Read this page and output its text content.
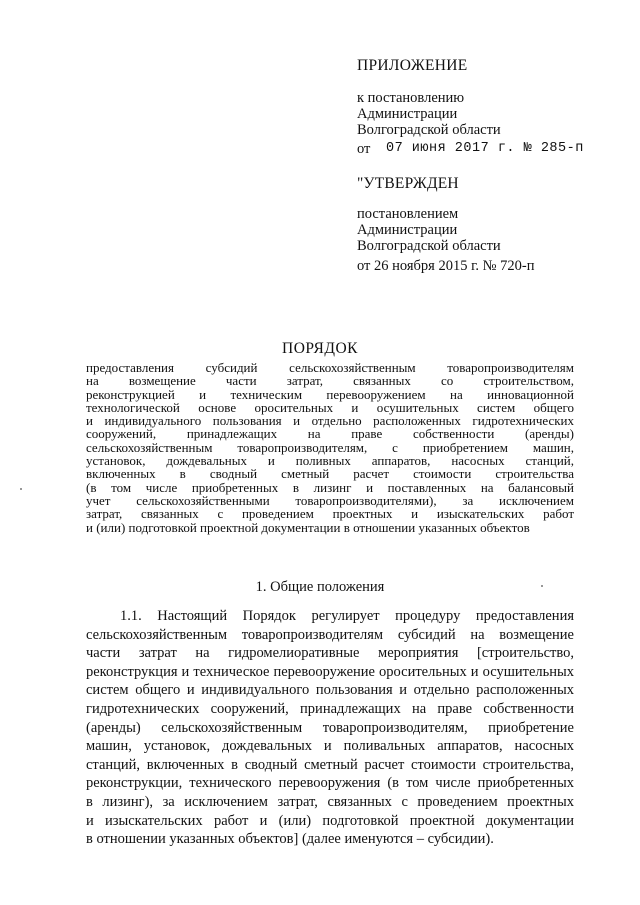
ПРИЛОЖЕНИЕ
к постановлению
Администрации
Волгоградской области
от 07 июня 2017 г. № 285-п
"УТВЕРЖДЕН
постановлением
Администрации
Волгоградской области
от 26 ноября 2015 г. № 720-п
ПОРЯДОК
предоставления субсидий сельскохозяйственным товаропроизводителям
на возмещение части затрат, связанных со строительством,
реконструкцией и техническим перевооружением на инновационной
технологической основе оросительных и осушительных систем общего
и индивидуального пользования и отдельно расположенных гидротехнических
сооружений, принадлежащих на праве собственности (аренды)
сельскохозяйственным товаропроизводителям, с приобретением машин,
установок, дождевальных и поливных аппаратов, насосных станций,
включенных в сводный сметный расчет стоимости строительства
(в том числе приобретенных в лизинг и поставленных на балансовый
учет сельскохозяйственными товаропроизводителями), за исключением
затрат, связанных с проведением проектных и изыскательских работ
и (или) подготовкой проектной документации в отношении указанных объектов
1. Общие положения
1.1. Настоящий Порядок регулирует процедуру предоставления
сельскохозяйственным товаропроизводителям субсидий на возмещение
части затрат на гидромелиоративные мероприятия [строительство,
реконструкция и техническое перевооружение оросительных и осушительных
систем общего и индивидуального пользования и отдельно расположенных
гидротехнических сооружений, принадлежащих на праве собственности
(аренды) сельскохозяйственным товаропроизводителям, приобретение
машин, установок, дождевальных и поливальных аппаратов, насосных
станций, включенных в сводный сметный расчет стоимости строительства,
реконструкции, технического перевооружения (в том числе приобретенных
в лизинг), за исключением затрат, связанных с проведением проектных
и изыскательских работ и (или) подготовкой проектной документации
в отношении указанных объектов] (далее именуются – субсидии).
